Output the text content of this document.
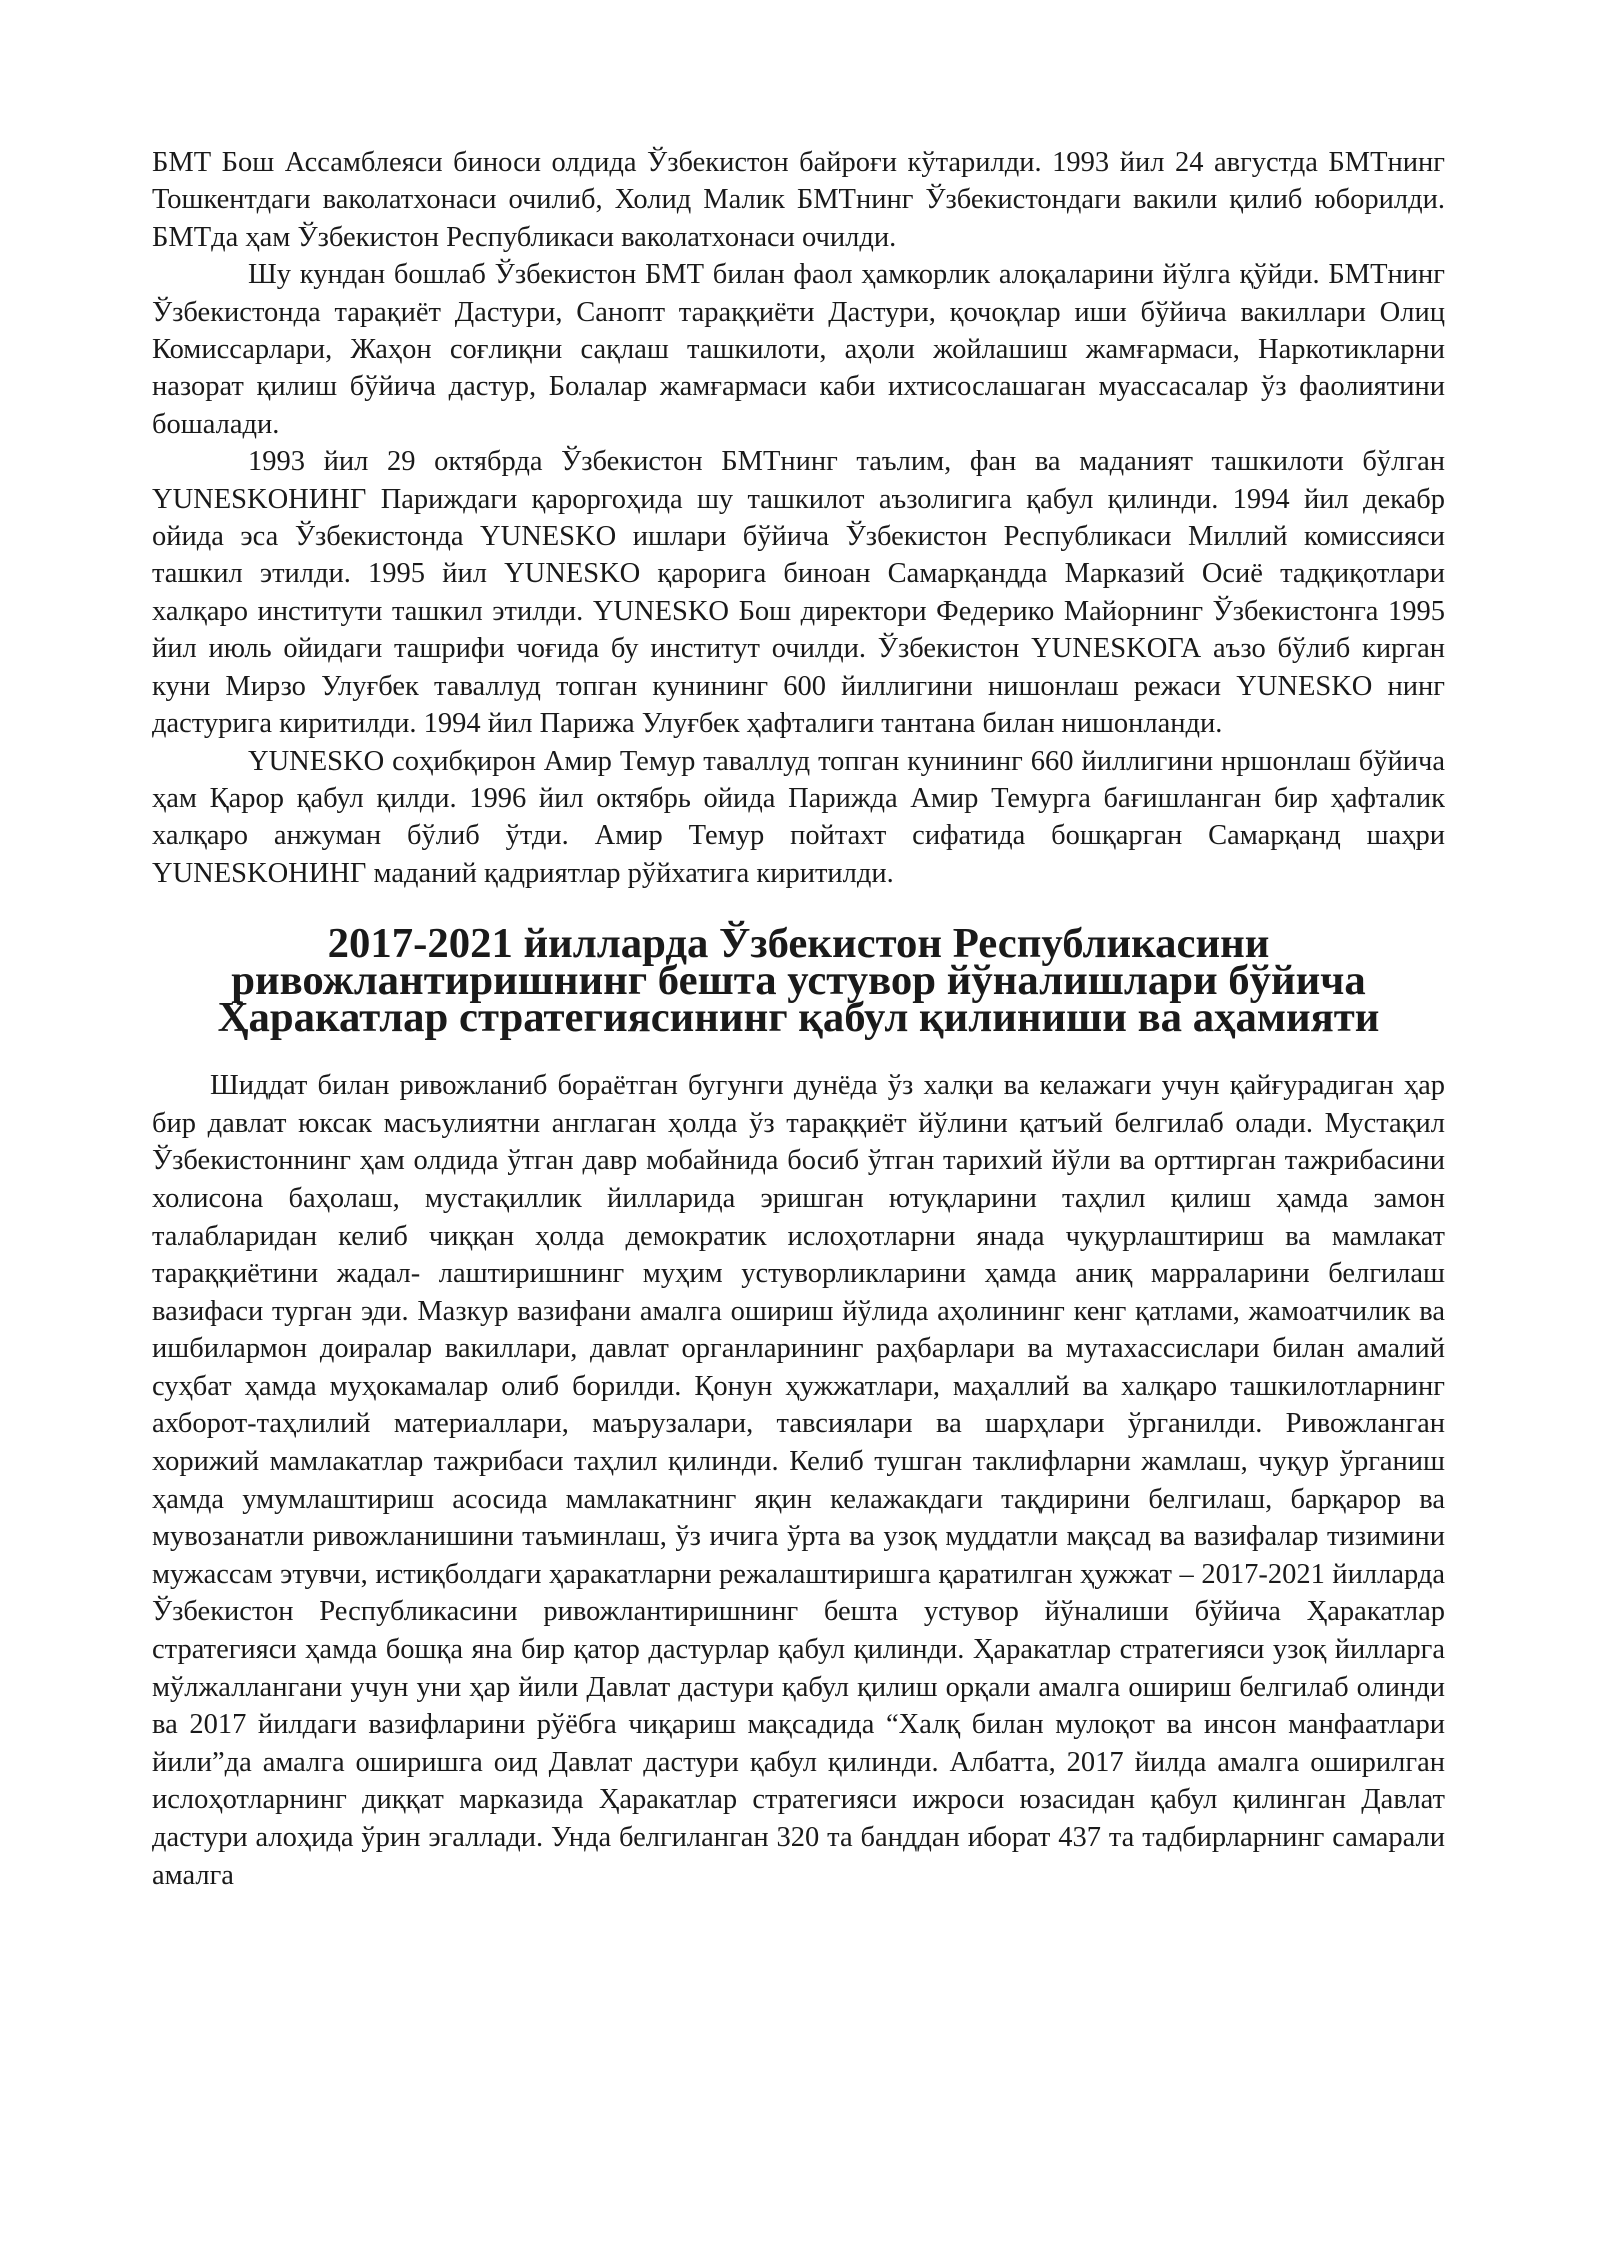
БМТ Бош Ассамблеяси биноси олдида Ўзбекистон байроғи кўтарилди. 1993 йил 24 августда БМТнинг Тошкентдаги ваколатхонаси очилиб, Холид Малик БМТнинг Ўзбекистондаги вакили қилиб юборилди. БМТда ҳам Ўзбекистон Республикаси ваколатхонаси очилди.

Шу кундан бошлаб Ўзбекистон БМТ билан фаол ҳамкорлик алоқаларини йўлга қўйди. БМТнинг Ўзбекистонда тарақиёт Дастури, Санопт тараққиёти Дастури, қочоқлар иши бўйича вакиллари Олиц Комиссарлари, Жаҳон соғлиқни сақлаш ташкилоти, аҳоли жойлашиш жамғармаси, Наркотикларни назорат қилиш бўйича дастур, Болалар жамғармаси каби ихтисослашаган муассасалар ўз фаолиятини бошалади.

1993 йил 29 октябрда Ўзбекистон БМТнинг таълим, фан ва маданият ташкилоти бўлган YUNESKOНИНГ Париждаги қароргоҳида шу ташкилот аъзолигига қабул қилинди. 1994 йил декабр ойида эса Ўзбекистонда YUNESKO ишлари бўйича Ўзбекистон Республикаси Миллий комиссияси ташкил этилди. 1995 йил YUNESKO қарорига биноан Самарқандда Марказий Осиё тадқиқотлари халқаро институти ташкил этилди. YUNESKO Бош директори Федерико Майорнинг Ўзбекистонга 1995 йил июль ойидаги ташрифи чоғида бу институт очилди. Ўзбекистон YUNESKOГА аъзо бўлиб кирган куни Мирзо Улуғбек таваллуд топган кунининг 600 йиллигини нишонлаш режаси YUNESKO нинг дастурига киритилди. 1994 йил Парижа Улуғбек ҳафталиги тантана билан нишонланди.

YUNESKO соҳибқирон Амир Темур таваллуд топган кунининг 660 йиллигини нршонлаш бўйича ҳам Қарор қабул қилди. 1996 йил октябрь ойида Парижда Амир Темурга бағишланган бир ҳафталик халқаро анжуман бўлиб ўтди. Амир Темур пойтахт сифатида бошқарган Самарқанд шаҳри YUNESKOНИНГ маданий қадриятлар рўйхатига киритилди.

2017-2021 йилларда Ўзбекистон Республикасини ривожлантиришнинг бешта устувор йўналишлари бўйича Ҳаракатлар стратегиясининг қабул қилиниши ва аҳамияти

Шиддат билан ривожланиб бораётган бугунги дунёда ўз халқи ва келажаги учун қайғурадиган ҳар бир давлат юксак масъулиятни англаган ҳолда ўз тараққиёт йўлини қатъий белгилаб олади. Мустақил Ўзбекистоннинг ҳам олдида ўтган давр мобайнида босиб ўтган тарихий йўли ва орттирган тажрибасини холисона баҳолаш, мустақиллик йилларида эришган ютуқларини таҳлил қилиш ҳамда замон талабларидан келиб чиққан ҳолда демократик ислоҳотларни янада чуқурлаштириш ва мамлакат тараққиётини жадал- лаштиришнинг муҳим устуворликларини ҳамда аниқ марраларини белгилаш вазифаси турган эди. Мазкур вазифани амалга ошириш йўлида аҳолининг кенг қатлами, жамоатчилик ва ишбилармон доиралар вакиллари, давлат органларининг раҳбарлари ва мутахассислари билан амалий суҳбат ҳамда муҳокамалар олиб борилди. Қонун ҳужжатлари, маҳаллий ва халқаро ташкилотларнинг ахборот-таҳлилий материаллари, маърузалари, тавсиялари ва шарҳлари ўрганилди. Ривожланган хорижий мамлакатлар тажрибаси таҳлил қилинди. Келиб тушган таклифларни жамлаш, чуқур ўрганиш ҳамда умумлаштириш асосида мамлакатнинг яқин келажакдаги тақдирини белгилаш, барқарор ва мувозанатли ривожланишини таъминлаш, ўз ичига ўрта ва узоқ муддатли мақсад ва вазифалар тизимини мужассам этувчи, истиқболдаги ҳаракатларни режалаштиришга қаратилган ҳужжат – 2017-2021 йилларда Ўзбекистон Республикасини ривожлантиришнинг бешта устувор йўналиши бўйича Ҳаракатлар стратегияси ҳамда бошқа яна бир қатор дастурлар қабул қилинди. Ҳаракатлар стратегияси узоқ йилларга мўлжаллангани учун уни ҳар йили Давлат дастури қабул қилиш орқали амалга ошириш белгилаб олинди ва 2017 йилдаги вазифларини рўёбга чиқариш мақсадида “Халқ билан мулоқот ва инсон манфаатлари йили”да амалга оширишга оид Давлат дастури қабул қилинди. Албатта, 2017 йилда амалга оширилган ислоҳотларнинг диққат марказида Ҳаракатлар стратегияси ижроси юзасидан қабул қилинган Давлат дастури алоҳида ўрин эгаллади. Унда белгиланган 320 та банддан иборат 437 та тадбирларнинг самарали амалга
